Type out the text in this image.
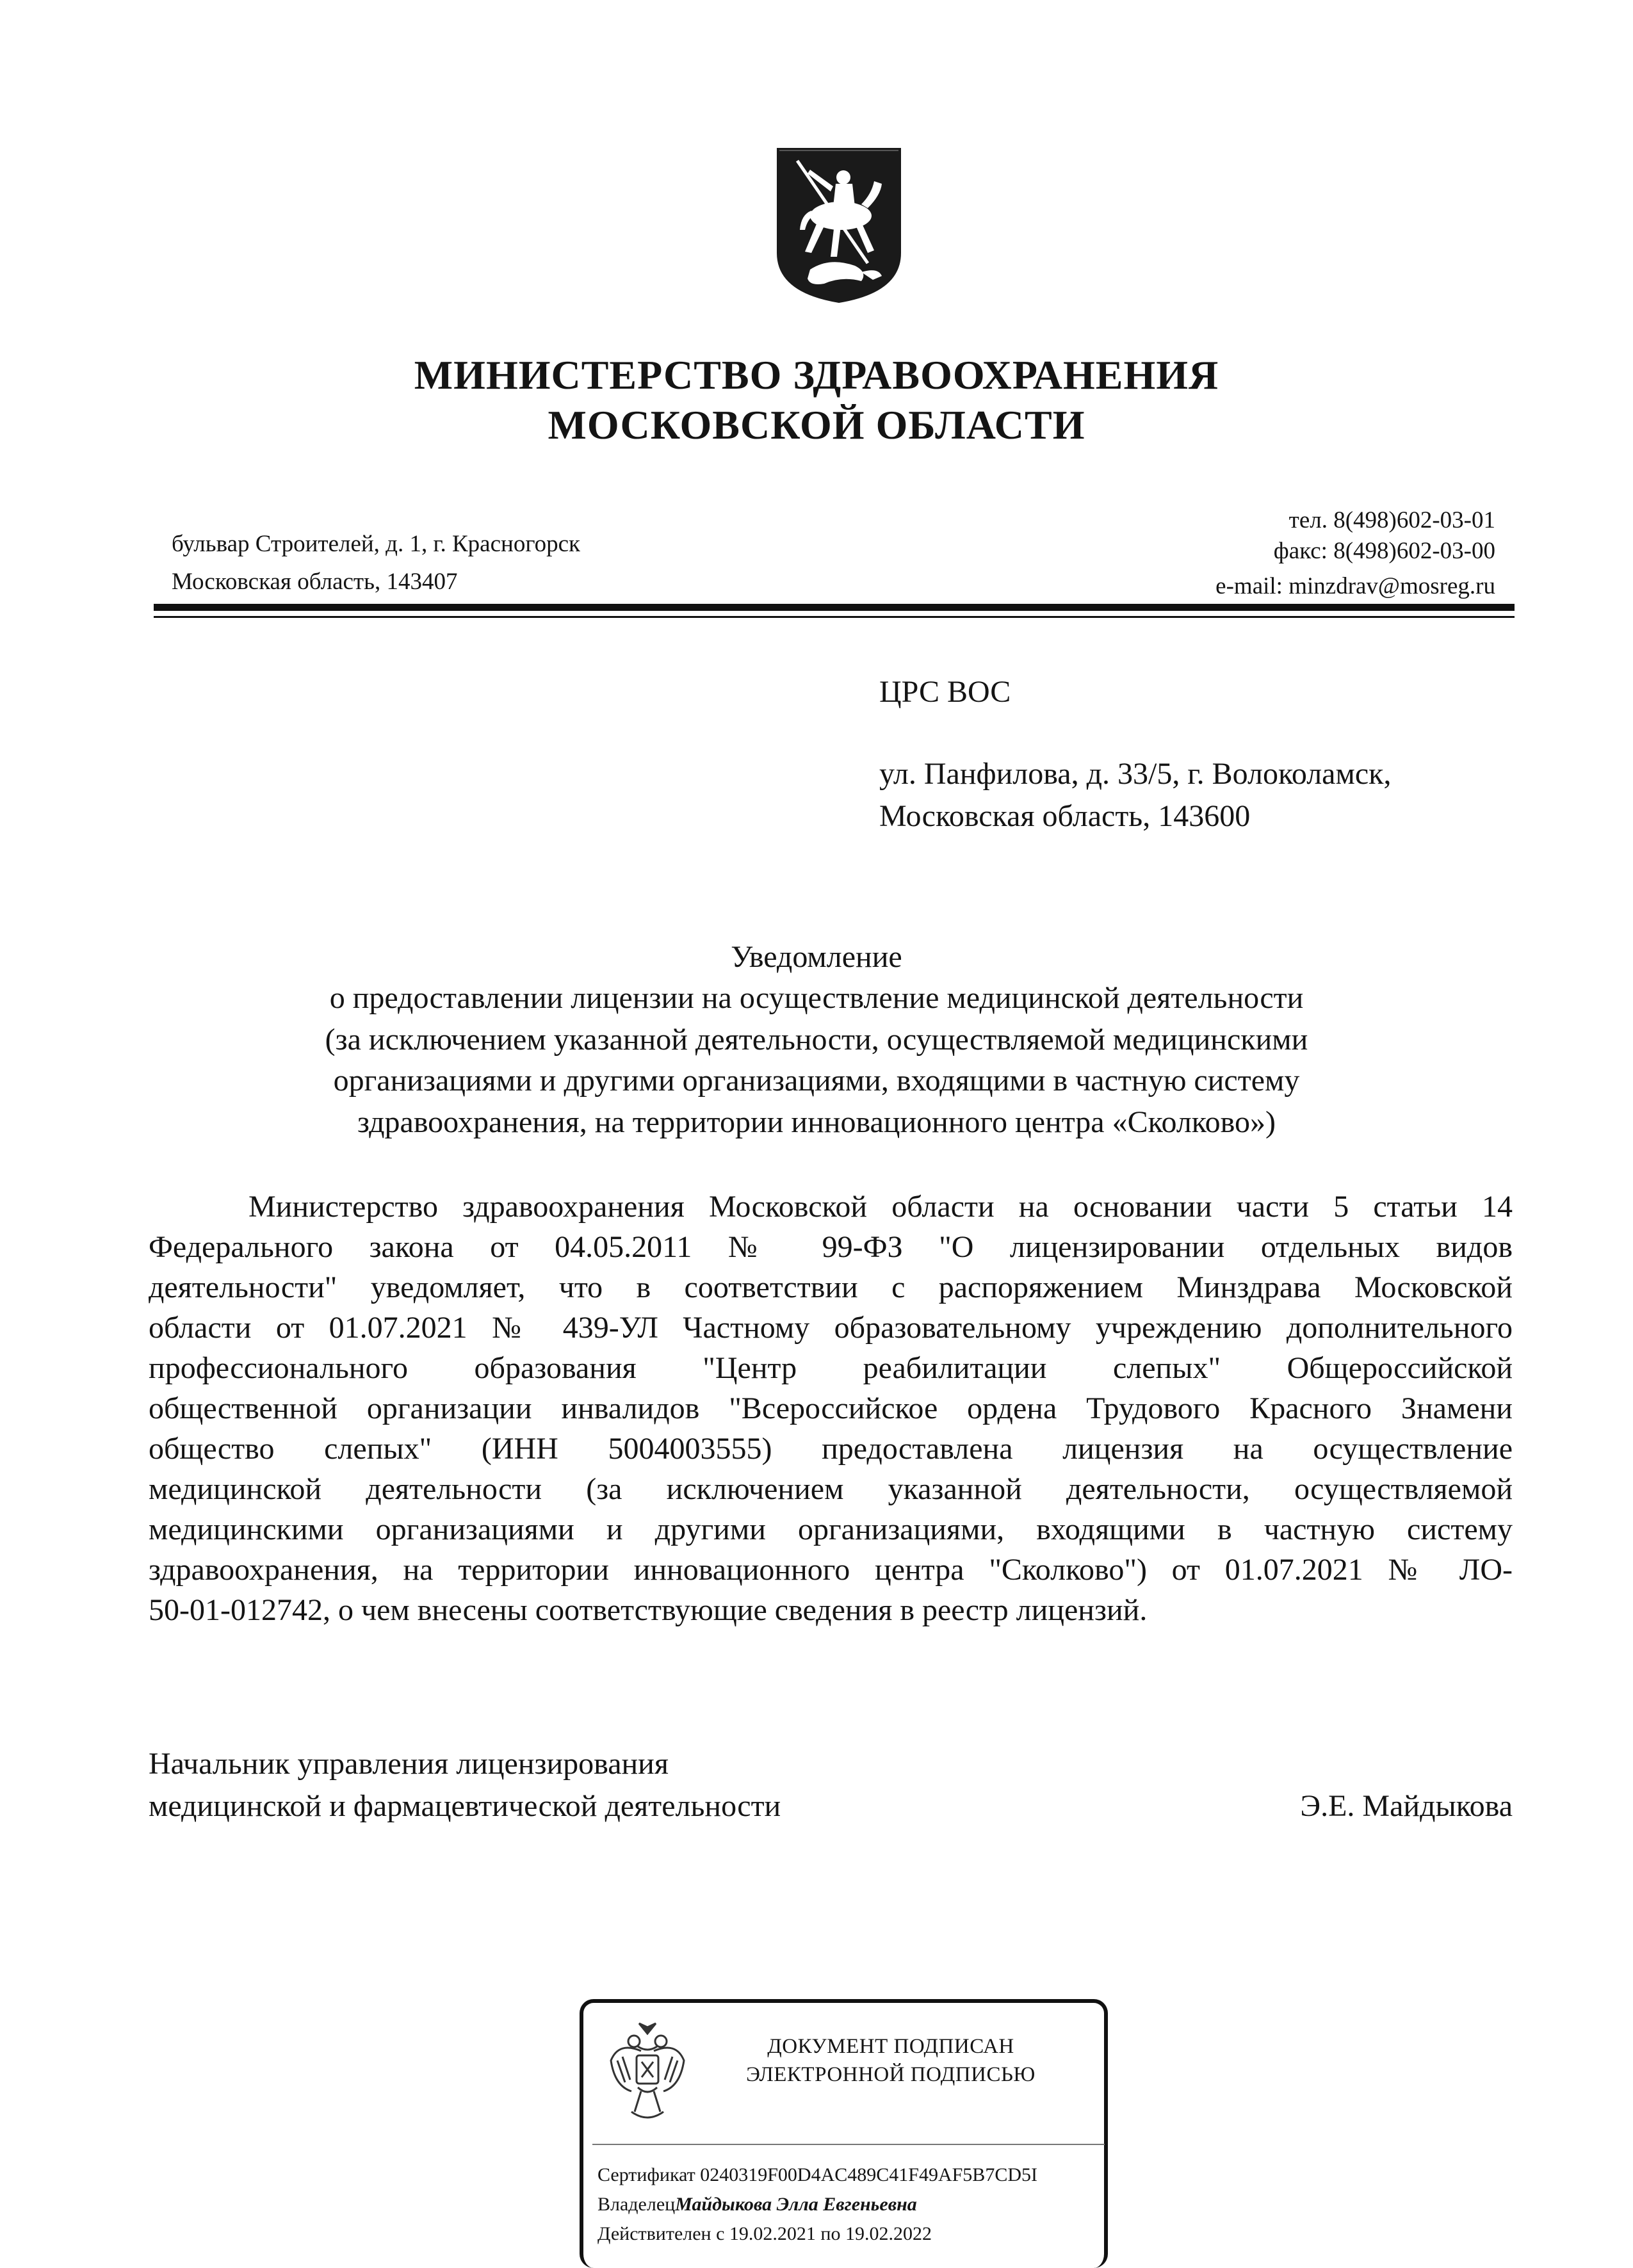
МИНИСТЕРСТВО ЗДРАВООХРАНЕНИЯ
МОСКОВСКОЙ ОБЛАСТИ
бульвар Строителей, д. 1, г. Красногорск
Московская область, 143407
тел. 8(498)602-03-01
факс: 8(498)602-03-00
e-mail: minzdrav@mosreg.ru
ЦРС ВОС
ул. Панфилова, д. 33/5, г. Волоколамск,
Московская область, 143600
Уведомление
о предоставлении лицензии на осуществление медицинской деятельности
(за исключением указанной деятельности, осуществляемой медицинскими
организациями и другими организациями, входящими в частную систему
здравоохранения, на территории инновационного центра «Сколково»)
Министерство здравоохранения Московской области на основании части 5 статьи 14
Федерального закона от 04.05.2011 № 99-ФЗ "О лицензировании отдельных видов
деятельности" уведомляет, что в соответствии с распоряжением Минздрава Московской
области от 01.07.2021 № 439-УЛ Частному образовательному учреждению дополнительного
профессионального образования "Центр реабилитации слепых" Общероссийской
общественной организации инвалидов "Всероссийское ордена Трудового Красного Знамени
общество слепых" (ИНН 5004003555) предоставлена лицензия на осуществление
медицинской деятельности (за исключением указанной деятельности, осуществляемой
медицинскими организациями и другими организациями, входящими в частную систему
здравоохранения, на территории инновационного центра "Сколково") от 01.07.2021 № ЛО-
50-01-012742, о чем внесены соответствующие сведения в реестр лицензий.
Начальник управления лицензирования
медицинской и фармацевтической деятельности	Э.Е. Майдыкова
ДОКУМЕНТ ПОДПИСАН
ЭЛЕКТРОННОЙ ПОДПИСЬЮ
Сертификат 0240319F00D4AC489C41F49AF5B7CD5I
ВладелецМайдыкова Элла Евгеньевна
Действителен с 19.02.2021 по 19.02.2022
